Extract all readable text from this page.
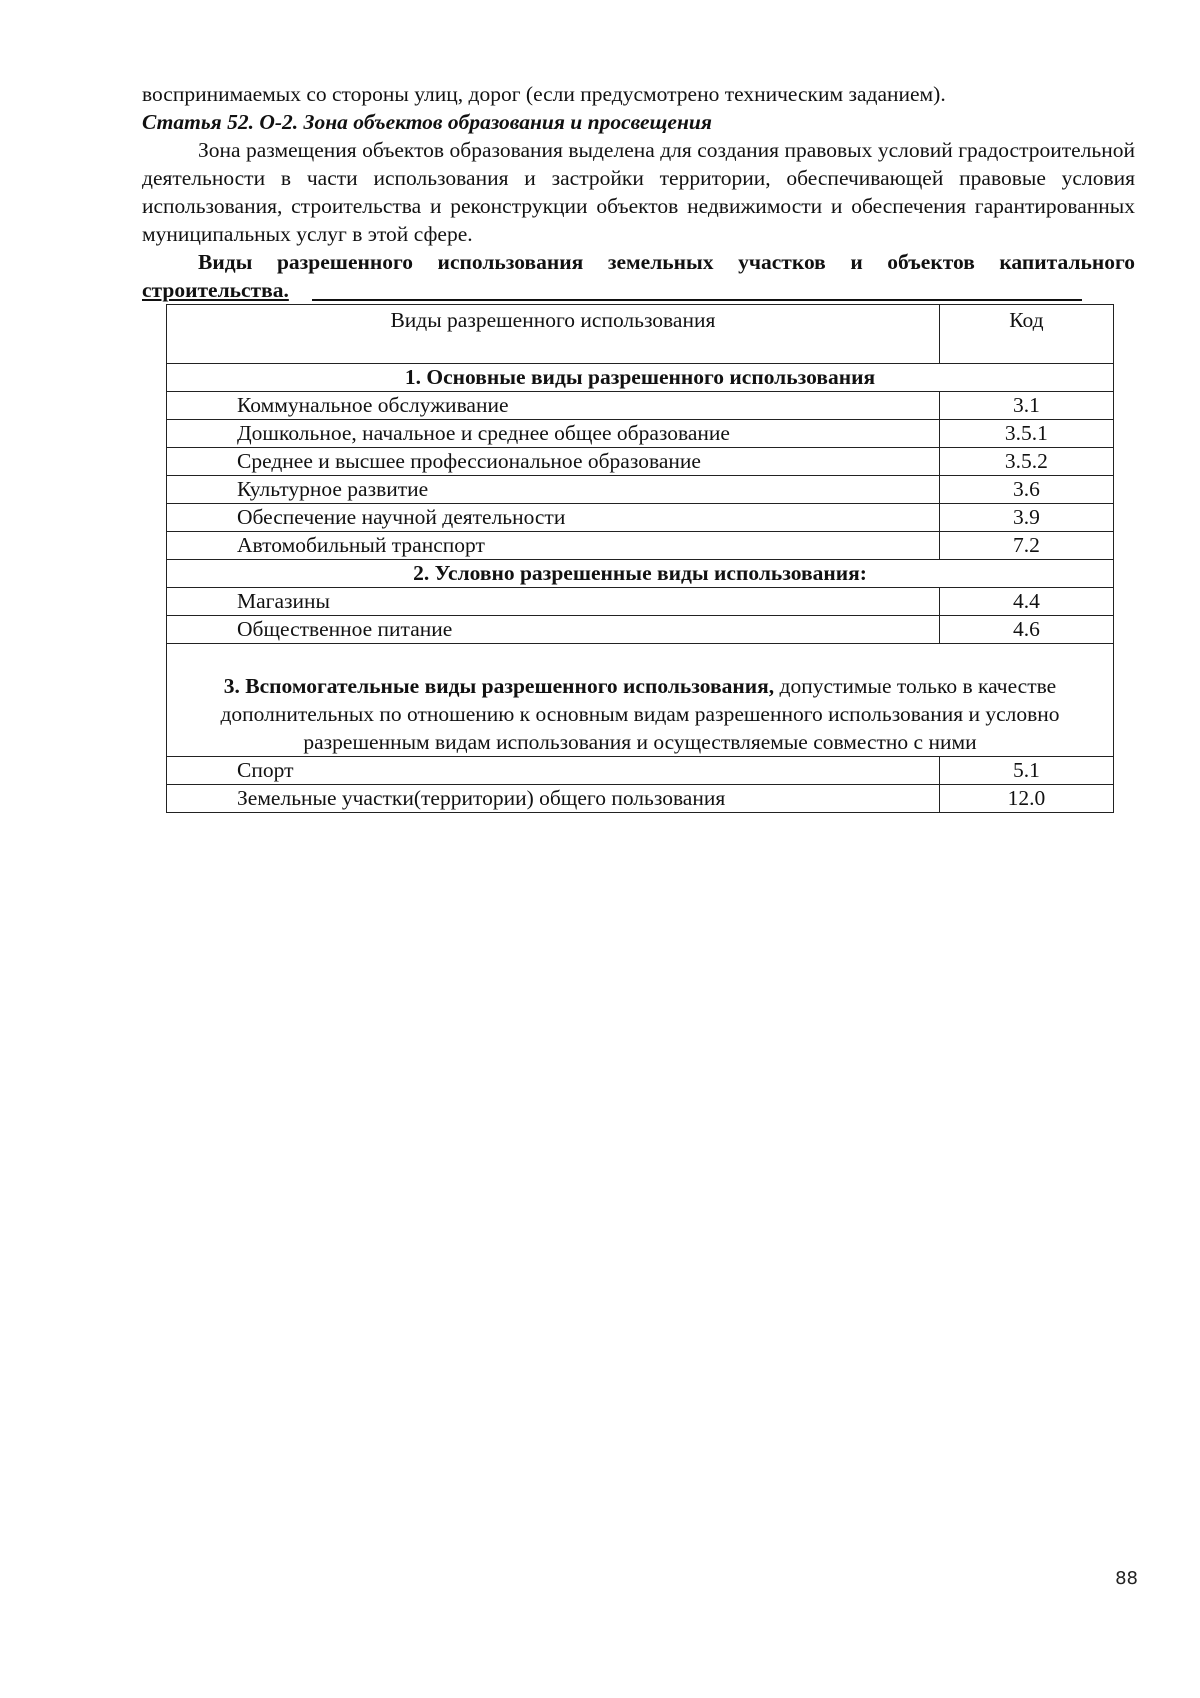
воспринимаемых со стороны улиц, дорог (если предусмотрено техническим заданием).
Статья 52. О-2. Зона объектов образования и просвещения
Зона размещения объектов образования выделена для создания правовых условий градостроительной деятельности в части использования и застройки территории, обеспечивающей правовые условия использования, строительства и реконструкции объектов недвижимости и обеспечения гарантированных муниципальных услуг в этой сфере.
Виды разрешенного использования земельных участков и объектов капитального строительства.
Виды разрешенного использования	Код
1. Основные виды разрешенного использования	
Коммунальное обслуживание	3.1
Дошкольное, начальное и среднее общее образование	3.5.1
Среднее и высшее профессиональное образование	3.5.2
Культурное развитие	3.6
Обеспечение научной деятельности	3.9
Автомобильный транспорт	7.2
2. Условно разрешенные виды использования:	
Магазины	4.4
Общественное питание	4.6
3. Вспомогательные виды разрешенного использования, допустимые только в качестве дополнительных по отношению к основным видам разрешенного использования и условно разрешенным видам использования и осуществляемые совместно с ними	
Спорт	5.1
Земельные участки(территории) общего пользования	12.0
88
